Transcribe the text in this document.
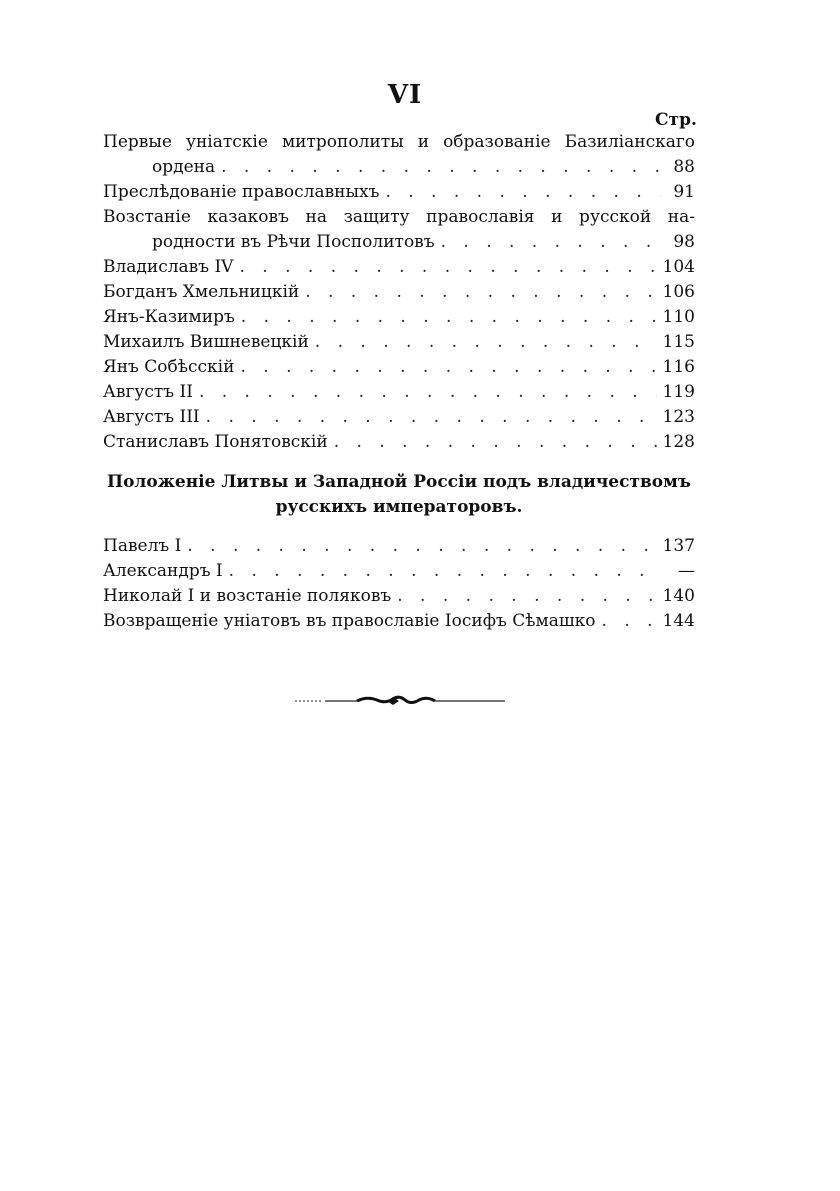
VI
Стр.
Первые уніатскіе митрополиты и образованіе Базиліанскаго
ордена . . .	88
Преслѣдованіе православныхъ . . .	91
Возстаніе казаковъ на защиту православія и русской на-
родности въ Рѣчи Посполитовъ . . .	98
Владиславъ IV . . .	104
Богданъ Хмельницкій . . .	106
Янъ-Казимиръ . . .	110
Михаилъ Вишневецкій . . .	115
Янъ Собѣсскій . . .	116
Августъ II . . .	119
Августъ III . . .	123
Станиславъ Понятовскій . . .	128
Положеніе Литвы и Западной Россіи подъ владичествомъ
русскихъ императоровъ.
Павелъ I . . .	137
Александръ I . . .	—
Николай I и возстаніе поляковъ . . .	140
Возвращеніе уніатовъ въ православіе Іосифъ Сѣмашко . . .	144
